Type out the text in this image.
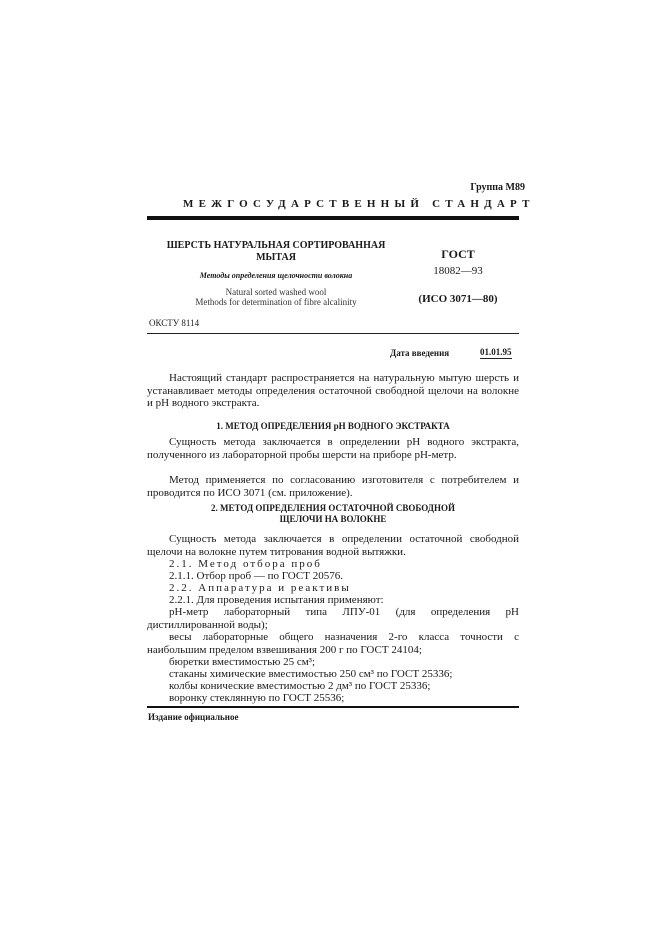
Группа М89
МЕЖГОСУДАРСТВЕННЫЙ СТАНДАРТ
ШЕРСТЬ НАТУРАЛЬНАЯ СОРТИРОВАННАЯ
МЫТАЯ
Методы определения щелочности волокна
Natural sorted washed wool
Methods for determination of fibre alcalinity
ГОСТ
18082—93
(ИСО 3071—80)
ОКСТУ 8114
Дата введения	01.01.95
Настоящий стандарт распространяется на натуральную мытую шерсть и устанавливает методы определения остаточной свободной щелочи на волокне и рН водного экстракта.
1. МЕТОД ОПРЕДЕЛЕНИЯ рН ВОДНОГО ЭКСТРАКТА
Сущность метода заключается в определении рН водного экстракта, полученного из лабораторной пробы шерсти на приборе рН-метр.
Метод применяется по согласованию изготовителя с потребителем и проводится по ИСО 3071 (см. приложение).
2. МЕТОД ОПРЕДЕЛЕНИЯ ОСТАТОЧНОЙ СВОБОДНОЙ
ЩЕЛОЧИ НА ВОЛОКНЕ
Сущность метода заключается в определении остаточной свободной щелочи на волокне путем титрования водной вытяжки.
2.1. Метод отбора проб
2.1.1. Отбор проб — по ГОСТ 20576.
2.2. Аппаратура и реактивы
2.2.1. Для проведения испытания применяют:
рН-метр лабораторный типа ЛПУ-01 (для определения рН дистиллированной воды);
весы лабораторные общего назначения 2-го класса точности с наибольшим пределом взвешивания 200 г по ГОСТ 24104;
бюретки вместимостью 25 см³;
стаканы химические вместимостью 250 см³ по ГОСТ 25336;
колбы конические вместимостью 2 дм³ по ГОСТ 25336;
воронку стеклянную по ГОСТ 25536;
Издание официальное
